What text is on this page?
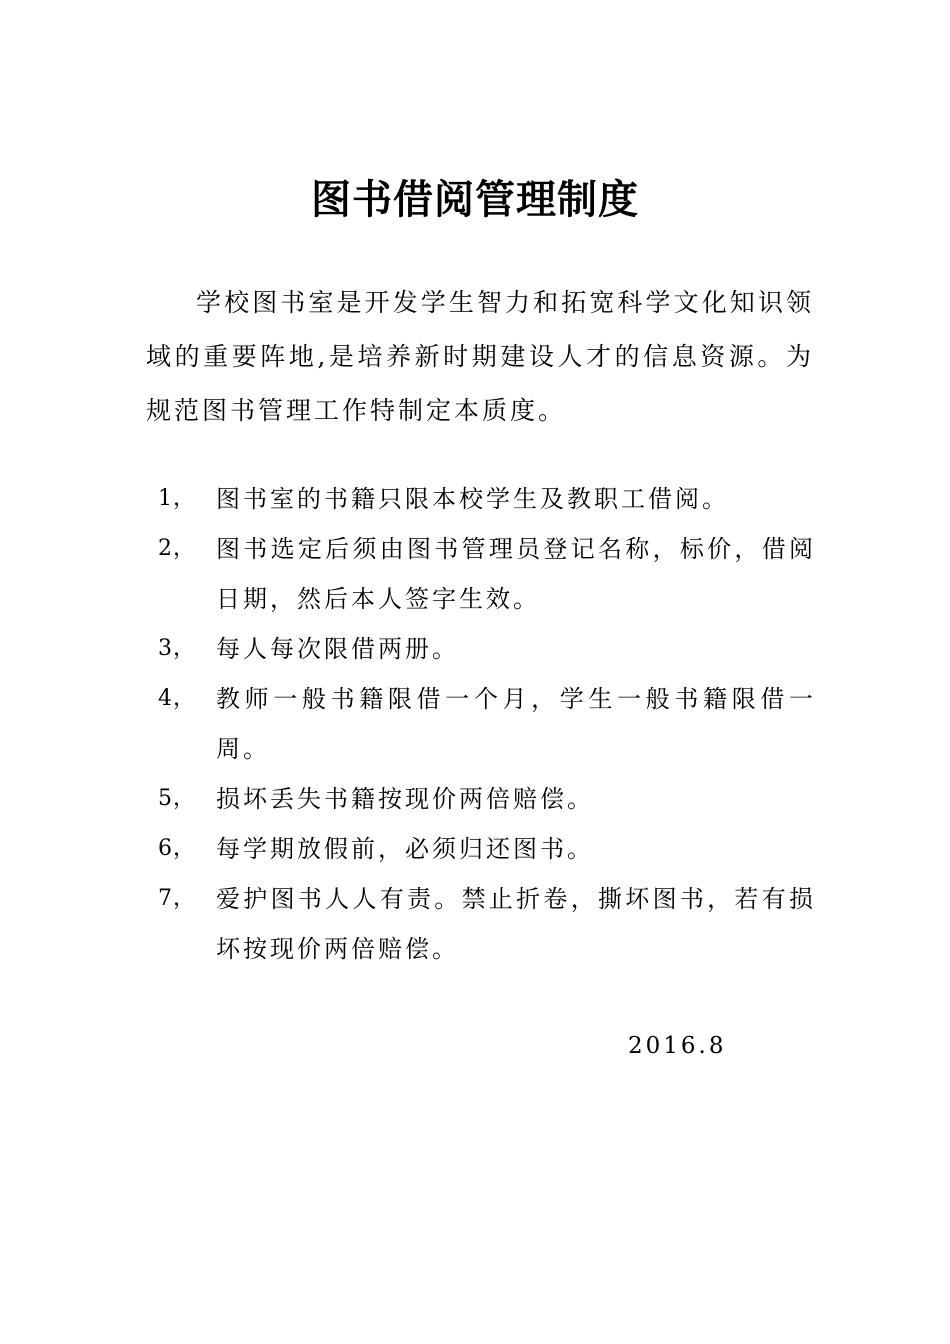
图书借阅管理制度
学校图书室是开发学生智力和拓宽科学文化知识领域的重要阵地,是培养新时期建设人才的信息资源。为规范图书管理工作特制定本质度。
1， 图书室的书籍只限本校学生及教职工借阅。
2， 图书选定后须由图书管理员登记名称，标价，借阅日期，然后本人签字生效。
3， 每人每次限借两册。
4， 教师一般书籍限借一个月，学生一般书籍限借一周。
5， 损坏丢失书籍按现价两倍赔偿。
6， 每学期放假前，必须归还图书。
7， 爱护图书人人有责。禁止折卷，撕坏图书，若有损坏按现价两倍赔偿。
2016.8
